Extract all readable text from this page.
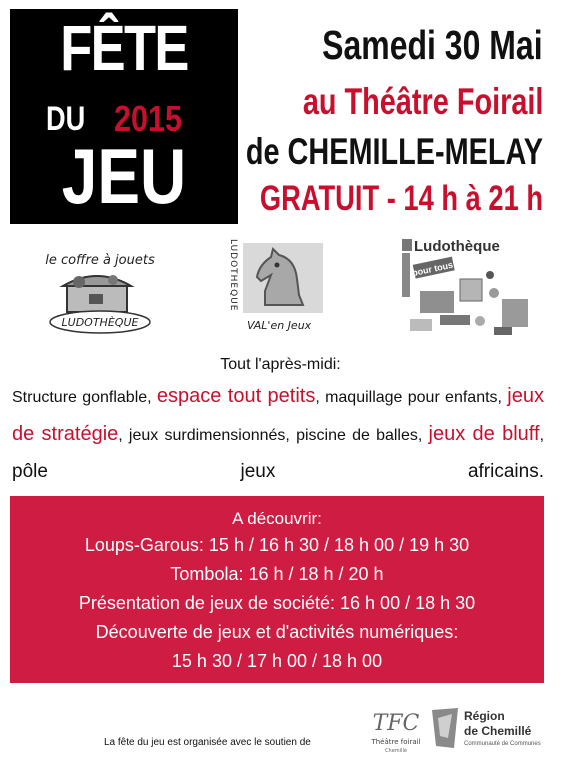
FÊTE
DU 2015
JEU
Samedi 30 Mai
au Théâtre Foirail
de CHEMILLE-MELAY
GRATUIT - 14 h à 21 h
le coffre à jouets
LUDOTHÈQUE
LUDOTHEQUE
VAL'en Jeux
Ludothèque
pour tous!
Tout l'après-midi:
Structure gonflable, espace tout petits, maquillage pour enfants, jeux de stratégie, jeux surdimensionnés, piscine de balles, jeux de bluff, pôle jeux africains.
A découvrir:
Loups-Garous: 15 h / 16 h 30 / 18 h 00 / 19 h 30
Tombola: 16 h / 18 h / 20 h
Présentation de jeux de société: 16 h 00 / 18 h 30
Découverte de jeux et d'activités numériques:
15 h 30 / 17 h 00 / 18 h 00
La fête du jeu est organisée avec le soutien de
TFC
Théâtre foirail
Chemillé
Région
de Chemillé
Communauté de Communes
